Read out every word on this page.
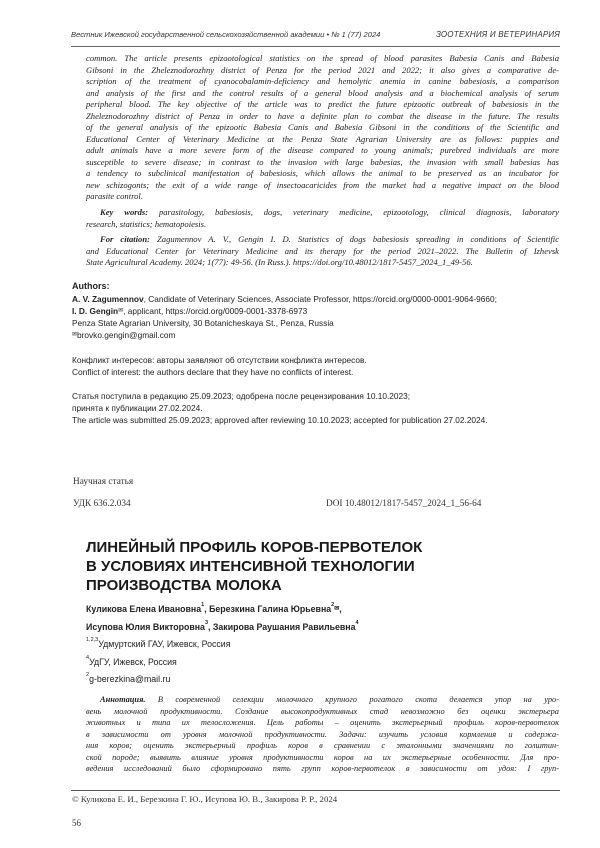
Вестник Ижевской государственной сельскохозяйственной академии • № 1 (77) 2024	ЗООТЕХНИЯ И ВЕТЕРИНАРИЯ
common. The article presents epizootological statistics on the spread of blood parasites Babesia Canis and Babesia
Gibsoni in the Zheleznodorozhny district of Penza for the period 2021 and 2022; it also gives a comparative de-
scription of the treatment of cyanocobalamin-deficiency and hemolytic anemia in canine babesiosis, a comparison
and analysis of the first and the control results of a general blood analysis and a biochemical analysis of serum
peripheral blood. The key objective of the article was to predict the future epizootic outbreak of babesiosis in the
Zheleznodorozhny district of Penza in order to have a definite plan to combat the disease in the future. The results
of the general analysis of the epizootic Babesia Canis and Babesia Gibsoni in the conditions of the Scientific and
Educational Center of Veterinary Medicine at the Penza State Agrarian University are as follows: puppies and
adult animals have a more severe form of the disease compared to young animals; purebred individuals are more
susceptible to severe disease; in contrast to the invasion with large babesias, the invasion with small babesias has
a tendency to subclinical manifestation of babesiosis, which allows the animal to be preserved as an incubator for
new schizogonts; the exit of a wide range of insectoacaricides from the market had a negative impact on the blood
parasite control.
Key words: parasitology, babesiosis, dogs, veterinary medicine, epizootology, clinical diagnosis, laboratory
research, statistics; hematopoiesis.
For citation: Zagumennov A. V., Gengin I. D. Statistics of dogs babesiosis spreading in conditions of Scientific
and Educational Center for Veterinary Medicine and its therapy for the period 2021–2022. The Bulletin of Izhevsk
State Agricultural Academy. 2024; 1(77): 49-56. (In Russ.). https://doi.org/10.48012/1817-5457_2024_1_49-56.
Authors:
A. V. Zagumennov, Candidate of Veterinary Sciences, Associate Professor, https://orcid.org/0000-0001-9064-9660;
I. D. Gengin✉, applicant, https://orcid.org/0009-0001-3378-6973
Penza State Agrarian University, 30 Botanicheskaya St., Penza, Russia
✉brovko.gengin@gmail.com
Конфликт интересов: авторы заявляют об отсутствии конфликта интересов.
Conflict of interest: the authors declare that they have no conflicts of interest.
Статья поступила в редакцию 25.09.2023; одобрена после рецензирования 10.10.2023;
принята к публикации 27.02.2024.
The article was submitted 25.09.2023; approved after reviewing 10.10.2023; accepted for publication 27.02.2024.
Научная статья
УДК 636.2.034	DOI 10.48012/1817-5457_2024_1_56-64
ЛИНЕЙНЫЙ ПРОФИЛЬ КОРОВ-ПЕРВОТЕЛОК
В УСЛОВИЯХ ИНТЕНСИВНОЙ ТЕХНОЛОГИИ
ПРОИЗВОДСТВА МОЛОКА
Куликова Елена Ивановна$^1$, Березкина Галина Юрьевна$^{2✉}$,
Исупова Юлия Викторовна$^3$, Закирова Раушания Равильевна$^4$
$^{1,2,3}$Удмуртский ГАУ, Ижевск, Россия
$^4$УдГУ, Ижевск, Россия
$^2$g-berezkina@mail.ru
Аннотация. В современной селекции молочного крупного рогатого скота делается упор на уро-
вень молочной продуктивности. Создание высокопродуктивных стад невозможно без оценки экстерьера
животных и типа их телосложения. Цель работы – оценить экстерьерный профиль коров-первотелок
в зависимости от уровня молочной продуктивности. Задачи: изучить условия кормления и содержа-
ния коров; оценить экстерьерный профиль коров в сравнении с эталонными значениями по голштин-
ской породе; выявить влияние уровня продуктивности коров на их экстерьерные особенности. Для про-
ведения исследований было сформировано пять групп коров-первотелок в зависимости от удоя: I груп-
© Куликова Е. И., Березкина Г. Ю., Исупова Ю. В., Закирова Р. Р., 2024
56
